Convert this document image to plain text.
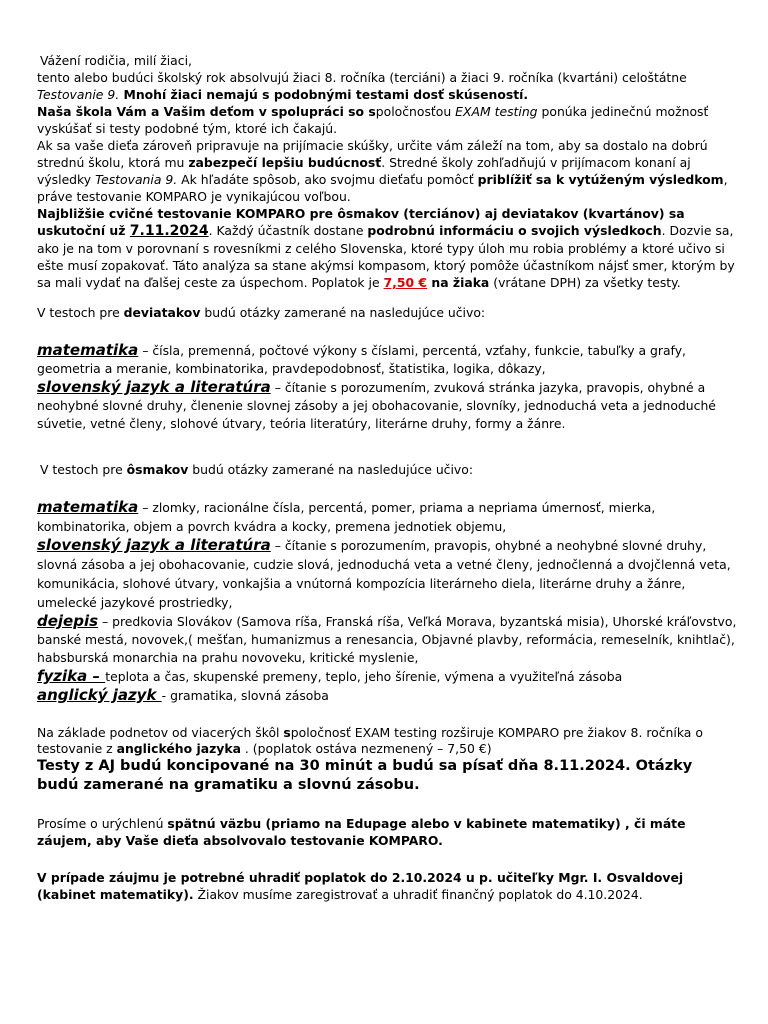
Vážení rodičia, milí žiaci,

tento alebo budúci školský rok absolvujú žiaci 8. ročníka (terciáni) a žiaci 9. ročníka (kvartáni) celoštátne Testovanie 9. Mnohí žiaci nemajú s podobnými testami dosť skúseností.

Naša škola Vám a Vašim deťom v spolupráci so spoločnosťou EXAM testing ponúka jedinečnú možnosť vyskúšať si testy podobné tým, ktoré ich čakajú.

Ak sa vaše dieťa zároveň pripravuje na prijímacie skúšky, určite vám záleží na tom, aby sa dostalo na dobrú strednú školu, ktorá mu zabezpečí lepšiu budúcnosť. Stredné školy zohľadňujú v prijímacom konaní aj výsledky Testovania 9. Ak hľadáte spôsob, ako svojmu dieťaťu pomôcť priblížiť sa k vytúženým výsledkom, práve testovanie KOMPARO je vynikajúcou voľbou.

Najbližšie cvičné testovanie KOMPARO pre ôsmakov (terciánov) aj deviatakov (kvartánov) sa uskutoční už 7.11.2024. Každý účastník dostane podrobnú informáciu o svojich výsledkoch. Dozvie sa, ako je na tom v porovnaní s rovesníkmi z celého Slovenska, ktoré typy úloh mu robia problémy a ktoré učivo si ešte musí zopakovať. Táto analýza sa stane akýmsi kompasom, ktorý pomôže účastníkom nájsť smer, ktorým by sa mali vydať na ďalšej ceste za úspechom. Poplatok je 7,50 € na žiaka (vrátane DPH) za všetky testy.

V testoch pre deviatakov budú otázky zamerané na nasledujúce učivo:

matematika – čísla, premenná, počtové výkony s číslami, percentá, vzťahy, funkcie, tabuľky a grafy, geometria a meranie, kombinatorika, pravdepodobnosť, štatistika, logika, dôkazy,

slovenský jazyk a literatúra – čítanie s porozumením, zvuková stránka jazyka, pravopis, ohybné a neohybné slovné druhy, členenie slovnej zásoby a jej obohacovanie, slovníky, jednoduchá veta a jednoduché súvetie, vetné členy, slohové útvary, teória literatúry, literárne druhy, formy a žánre.

V testoch pre ôsmakov budú otázky zamerané na nasledujúce učivo:

matematika – zlomky, racionálne čísla, percentá, pomer, priama a nepriama úmernosť, mierka, kombinatorika, objem a povrch kvádra a kocky, premena jednotiek objemu,

slovenský jazyk a literatúra – čítanie s porozumením, pravopis, ohybné a neohybné slovné druhy, slovná zásoba a jej obohacovanie, cudzie slová, jednoduchá veta a vetné členy, jednočlenná a dvojčlenná veta, komunikácia, slohové útvary, vonkajšia a vnútorná kompozícia literárneho diela, literárne druhy a žánre, umelecké jazykové prostriedky,

dejepis – predkovia Slovákov (Samova ríša, Franská ríša, Veľká Morava, byzantská misia), Uhorské kráľovstvo, banské mestá, novovek,( mešťan, humanizmus a renesancia, Objavné plavby, reformácia, remeselník, knihtlač), habsburská monarchia na prahu novoveku, kritické myslenie,

fyzika – teplota a čas, skupenské premeny, teplo, jeho šírenie, výmena a využiteľná zásoba

anglický jazyk - gramatika, slovná zásoba

Na základe podnetov od viacerých škôl spoločnosť EXAM testing rozširuje KOMPARO pre žiakov 8. ročníka o testovanie z anglického jazyka . (poplatok ostáva nezmenený – 7,50 €)

Testy z AJ budú koncipované na 30 minút a budú sa písať dňa 8.11.2024. Otázky budú zamerané na gramatiku a slovnú zásobu.

Prosíme o urýchlenú spätnú väzbu (priamo na Edupage alebo v kabinete matematiky) , či máte záujem, aby Vaše dieťa absolvovalo testovanie KOMPARO.

V prípade záujmu je potrebné uhradiť poplatok do 2.10.2024 u p. učiteľky Mgr. I. Osvaldovej (kabinet matematiky). Žiakov musíme zaregistrovať a uhradiť finančný poplatok do 4.10.2024.
